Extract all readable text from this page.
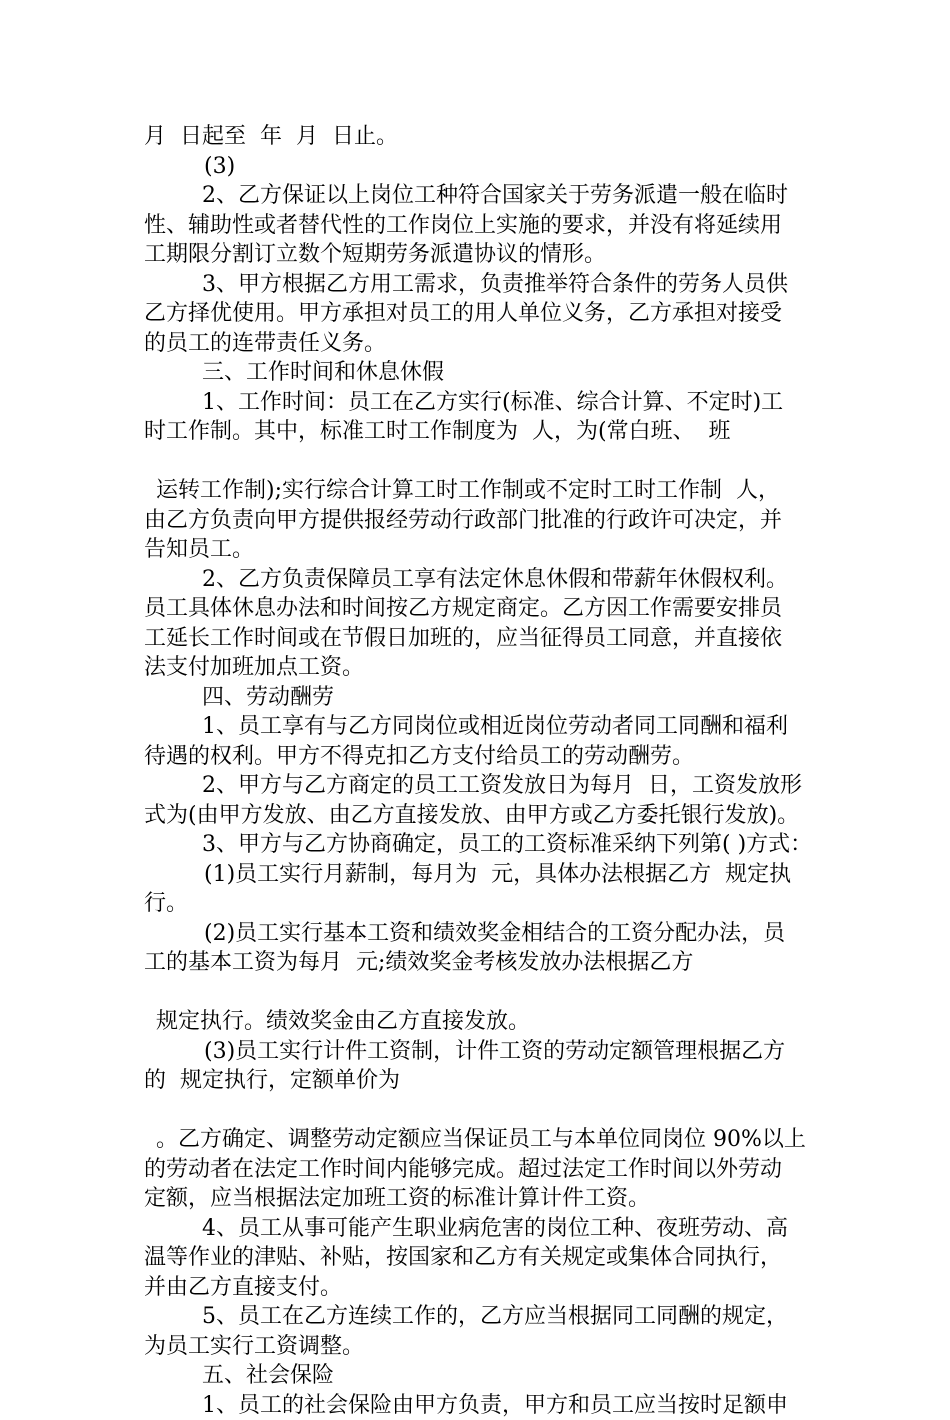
月  日起至  年  月  日止。
(3)
2、乙方保证以上岗位工种符合国家关于劳务派遣一般在临时
性、辅助性或者替代性的工作岗位上实施的要求，并没有将延续用
工期限分割订立数个短期劳务派遣协议的情形。
3、甲方根据乙方用工需求，负责推举符合条件的劳务人员供
乙方择优使用。甲方承担对员工的用人单位义务，乙方承担对接受
的员工的连带责任义务。
三、工作时间和休息休假
1、工作时间：员工在乙方实行(标准、综合计算、不定时)工
时工作制。其中，标准工时工作制度为  人，为(常白班、  班
运转工作制);实行综合计算工时工作制或不定时工时工作制  人，
由乙方负责向甲方提供报经劳动行政部门批准的行政许可决定，并
告知员工。
2、乙方负责保障员工享有法定休息休假和带薪年休假权利。
员工具体休息办法和时间按乙方规定商定。乙方因工作需要安排员
工延长工作时间或在节假日加班的，应当征得员工同意，并直接依
法支付加班加点工资。
四、劳动酬劳
1、员工享有与乙方同岗位或相近岗位劳动者同工同酬和福利
待遇的权利。甲方不得克扣乙方支付给员工的劳动酬劳。
2、甲方与乙方商定的员工工资发放日为每月  日，工资发放形
式为(由甲方发放、由乙方直接发放、由甲方或乙方委托银行发放)。
3、甲方与乙方协商确定，员工的工资标准采纳下列第( )方式：
(1)员工实行月薪制，每月为  元，具体办法根据乙方  规定执
行。
(2)员工实行基本工资和绩效奖金相结合的工资分配办法，员
工的基本工资为每月  元;绩效奖金考核发放办法根据乙方
规定执行。绩效奖金由乙方直接发放。
(3)员工实行计件工资制，计件工资的劳动定额管理根据乙方
的  规定执行，定额单价为
。乙方确定、调整劳动定额应当保证员工与本单位同岗位 90%以上
的劳动者在法定工作时间内能够完成。超过法定工作时间以外劳动
定额，应当根据法定加班工资的标准计算计件工资。
4、员工从事可能产生职业病危害的岗位工种、夜班劳动、高
温等作业的津贴、补贴，按国家和乙方有关规定或集体合同执行，
并由乙方直接支付。
5、员工在乙方连续工作的，乙方应当根据同工同酬的规定，
为员工实行工资调整。
五、社会保险
1、员工的社会保险由甲方负责，甲方和员工应当按时足额申
